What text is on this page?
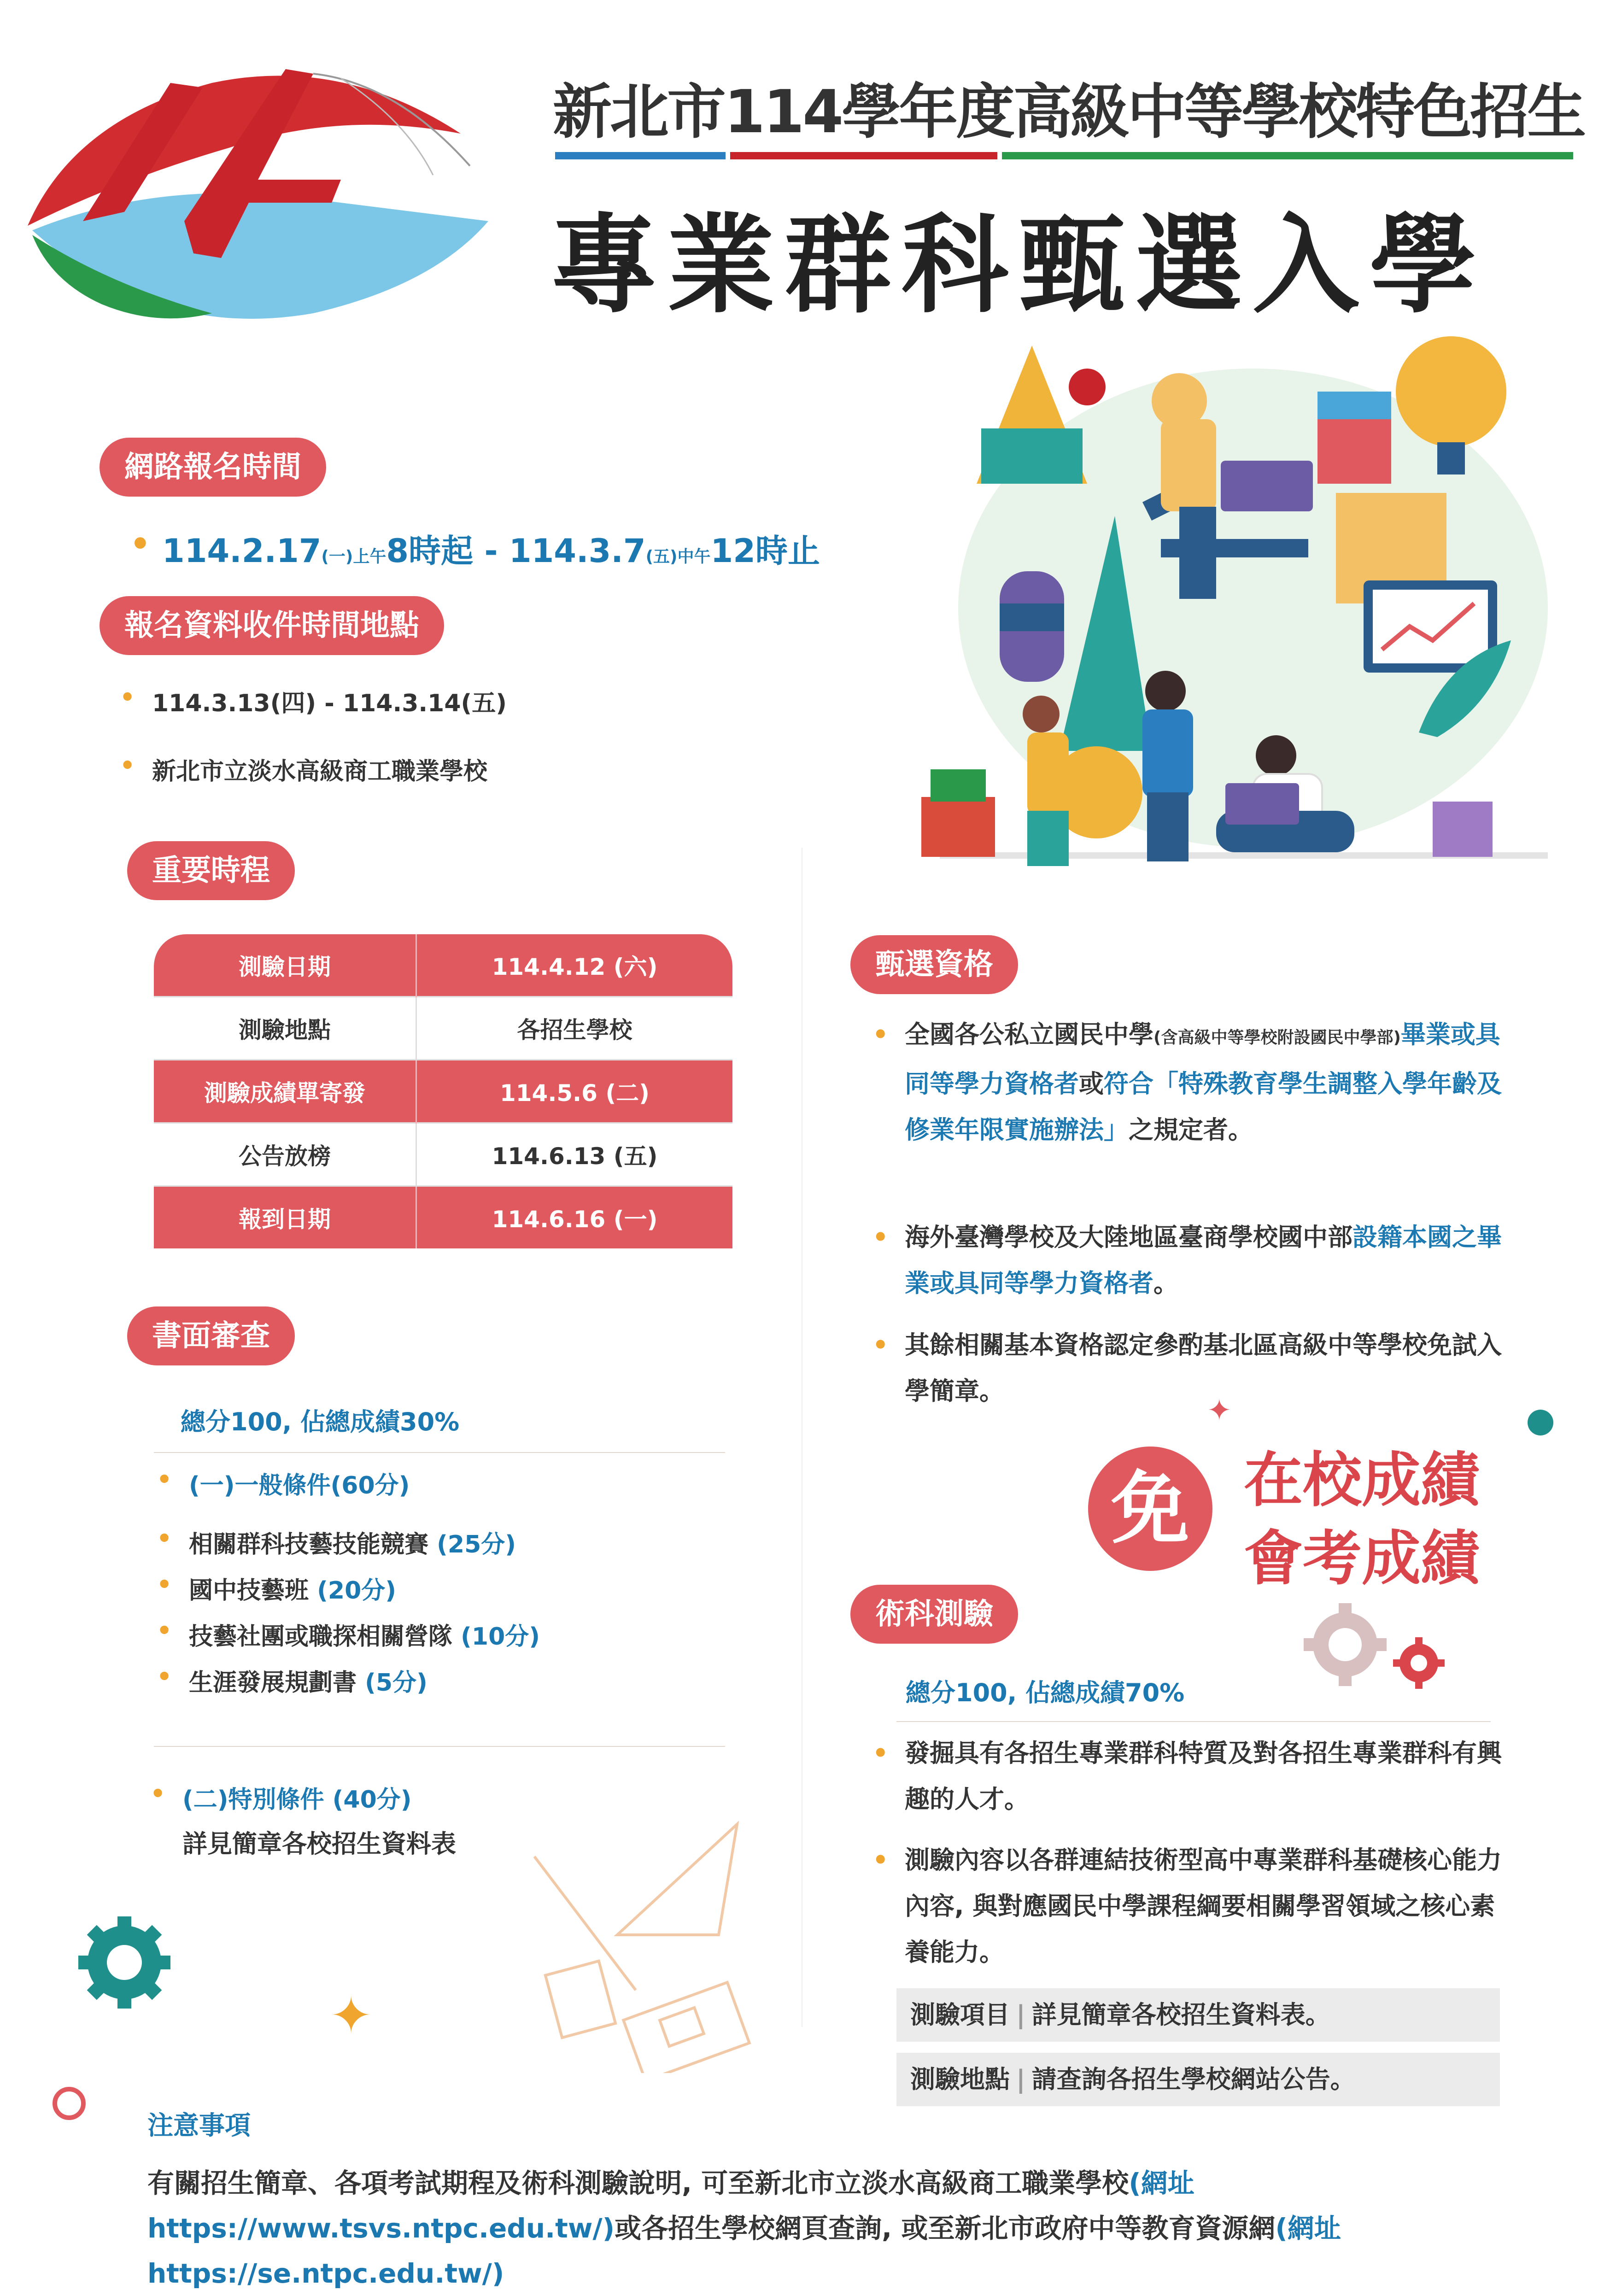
新北市114學年度高級中等學校特色招生
專業群科甄選入學
網路報名時間
• 114.2.17(一)上午8時起 - 114.3.7(五)中午12時止
報名資料收件時間地點
• 114.3.13(四) - 114.3.14(五)
• 新北市立淡水高級商工職業學校
重要時程
測驗日期	114.4.12 (六)
測驗地點	各招生學校
測驗成績單寄發	114.5.6 (二)
公告放榜	114.6.13 (五)
報到日期	114.6.16 (一)
書面審查
總分100, 佔總成績30%
• (一)一般條件(60分)
• 相關群科技藝技能競賽 (25分)
• 國中技藝班 (20分)
• 技藝社團或職探相關營隊 (10分)
• 生涯發展規劃書 (5分)
• (二)特別條件 (40分)
詳見簡章各校招生資料表
✦
甄選資格
• 全國各公私立國民中學(含高級中等學校附設國民中學部)畢業或具同等學力資格者或符合「特殊教育學生調整入學年齡及修業年限實施辦法」之規定者。
• 海外臺灣學校及大陸地區臺商學校國中部設籍本國之畢業或具同等學力資格者。
• 其餘相關基本資格認定參酌基北區高級中等學校免試入學簡章。
免 在校成績
會考成績
✦
術科測驗
總分100, 佔總成績70%
• 發掘具有各招生專業群科特質及對各招生專業群科有興趣的人才。
• 測驗內容以各群連結技術型高中專業群科基礎核心能力內容, 與對應國民中學課程綱要相關學習領域之核心素養能力。
測驗項目 | 詳見簡章各校招生資料表。
測驗地點 | 請查詢各招生學校網站公告。
注意事項
有關招生簡章、各項考試期程及術科測驗說明, 可至新北市立淡水高級商工職業學校(網址https://www.tsvs.ntpc.edu.tw/)或各招生學校網頁查詢, 或至新北市政府中等教育資源網(網址https://se.ntpc.edu.tw/)
